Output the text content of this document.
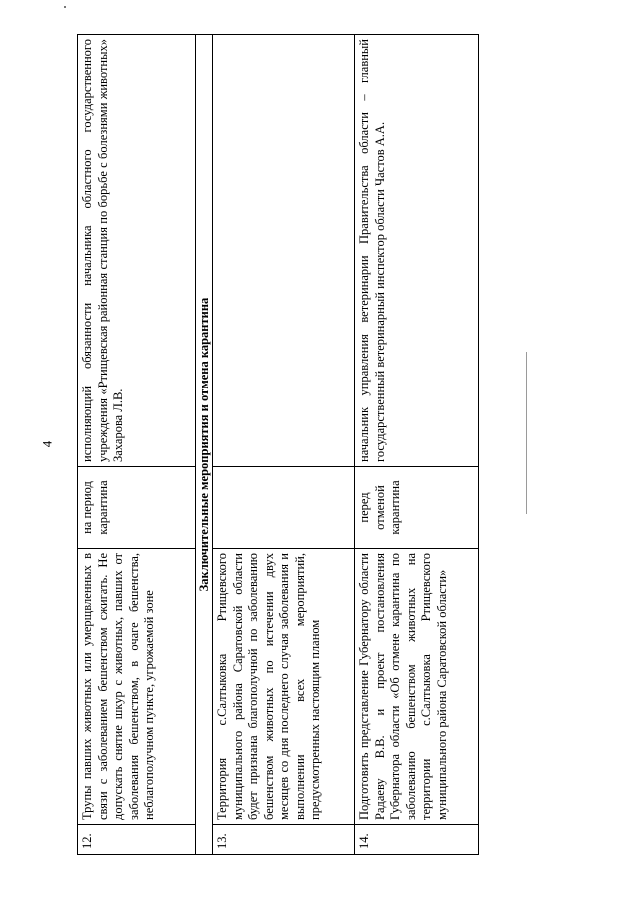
4
12.	Трупы павших животных или умерщвленных в связи с заболеванием бешенством сжигать. Не допускать снятие шкур с животных, павших от заболевания бешенством, в очаге бешенства, неблагополучном пункте, угрожаемой зоне	на период карантина	исполняющий обязанности начальника областного государственного учреждения «Ртищевская районная станция по борьбе с болезнями животных» Захарова Л.В.
Заключительные мероприятия и отмена карантина			
13.	Территория с.Салтыковка Ртищевского муниципального района Саратовской области будет признана благополучной по заболеванию бешенством животных по истечении двух месяцев со дня последнего случая заболевания и выполнении всех мероприятий, предусмотренных настоящим планом		
14.	Подготовить представление Губернатору области Радаеву В.В. и проект постановления Губернатора области «Об отмене карантина по заболеванию бешенством животных на территории с.Салтыковка Ртищевского муниципального района Саратовской области»	перед отменой карантина	начальник управления ветеринарии Правительства области – главный государственный ветеринарный инспектор области Частов А.А.
